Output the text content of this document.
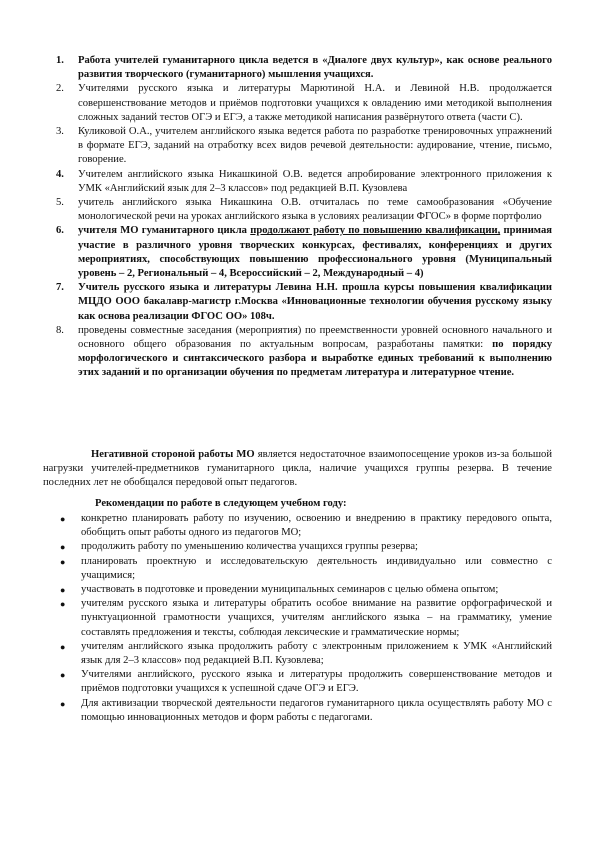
1.	Работа учителей гуманитарного цикла ведется в «Диалоге двух культур», как основе реального развития творческого (гуманитарного) мышления учащихся.
2.	Учителями русского языка и литературы Марютиной Н.А. и Левиной Н.В. продолжается совершенствование методов и приёмов подготовки учащихся к овладению ими методикой выполнения сложных заданий тестов ОГЭ и ЕГЭ, а также методикой написания развёрнутого ответа (части С).
3.	Куликовой О.А., учителем английского языка ведется работа по разработке тренировочных упражнений в формате ЕГЭ, заданий на отработку всех видов речевой деятельности: аудирование, чтение, письмо, говорение.
4.	Учителем английского языка Никашкиной О.В. ведется апробирование электронного приложения к УМК «Английский язык для 2–3 классов» под редакцией В.П. Кузовлева
5.	учитель английского языка Никашкина О.В. отчиталась по теме самообразования «Обучение монологической речи на уроках английского языка в условиях реализации ФГОС» в форме портфолио
6.	учителя МО гуманитарного цикла продолжают работу по повышению квалификации, принимая участие в различного уровня творческих конкурсах, фестивалях, конференциях и других мероприятиях, способствующих повышению профессионального уровня (Муниципальный уровень – 2, Региональный – 4, Всероссийский – 2, Международный – 4)
7.	Учитель русского языка и литературы Левина Н.Н. прошла курсы повышения квалификации МЦДО ООО бакалавр-магистр г.Москва «Инновационные технологии обучения русскому языку как основа реализации ФГОС ОО» 108ч.
8.	проведены совместные заседания (мероприятия) по преемственности уровней основного начального и основного общего образования по актуальным вопросам, разработаны памятки: по порядку морфологического и синтаксического разбора и выработке единых требований к выполнению этих заданий и по организации обучения по предметам литература и литературное чтение.
Негативной стороной работы МО является недостаточное взаимопосещение уроков из-за большой нагрузки учителей-предметников гуманитарного цикла, наличие учащихся группы резерва. В течение последних лет не обобщался передовой опыт педагогов.
Рекомендации по работе в следующем учебном году:
●	конкретно планировать работу по изучению, освоению и внедрению в практику передового опыта, обобщить опыт работы одного из педагогов МО;
●	продолжить работу по уменьшению количества учащихся группы резерва;
●	планировать проектную и исследовательскую деятельность индивидуально или совместно с учащимися;
●	участвовать в подготовке и проведении муниципальных семинаров с целью обмена опытом;
●	учителям русского языка и литературы обратить особое внимание на развитие орфографической и пунктуационной грамотности учащихся, учителям английского языка – на грамматику, умение составлять предложения и тексты, соблюдая лексические и грамматические нормы;
●	учителям английского языка продолжить работу с электронным приложением к УМК «Английский язык для 2–3 классов» под редакцией В.П. Кузовлева;
●	Учителями английского, русского языка и литературы продолжить совершенствование методов и приёмов подготовки учащихся к успешной сдаче ОГЭ и ЕГЭ.
●	Для активизации творческой деятельности педагогов гуманитарного цикла осуществлять работу МО с помощью инновационных методов и форм работы с педагогами.
